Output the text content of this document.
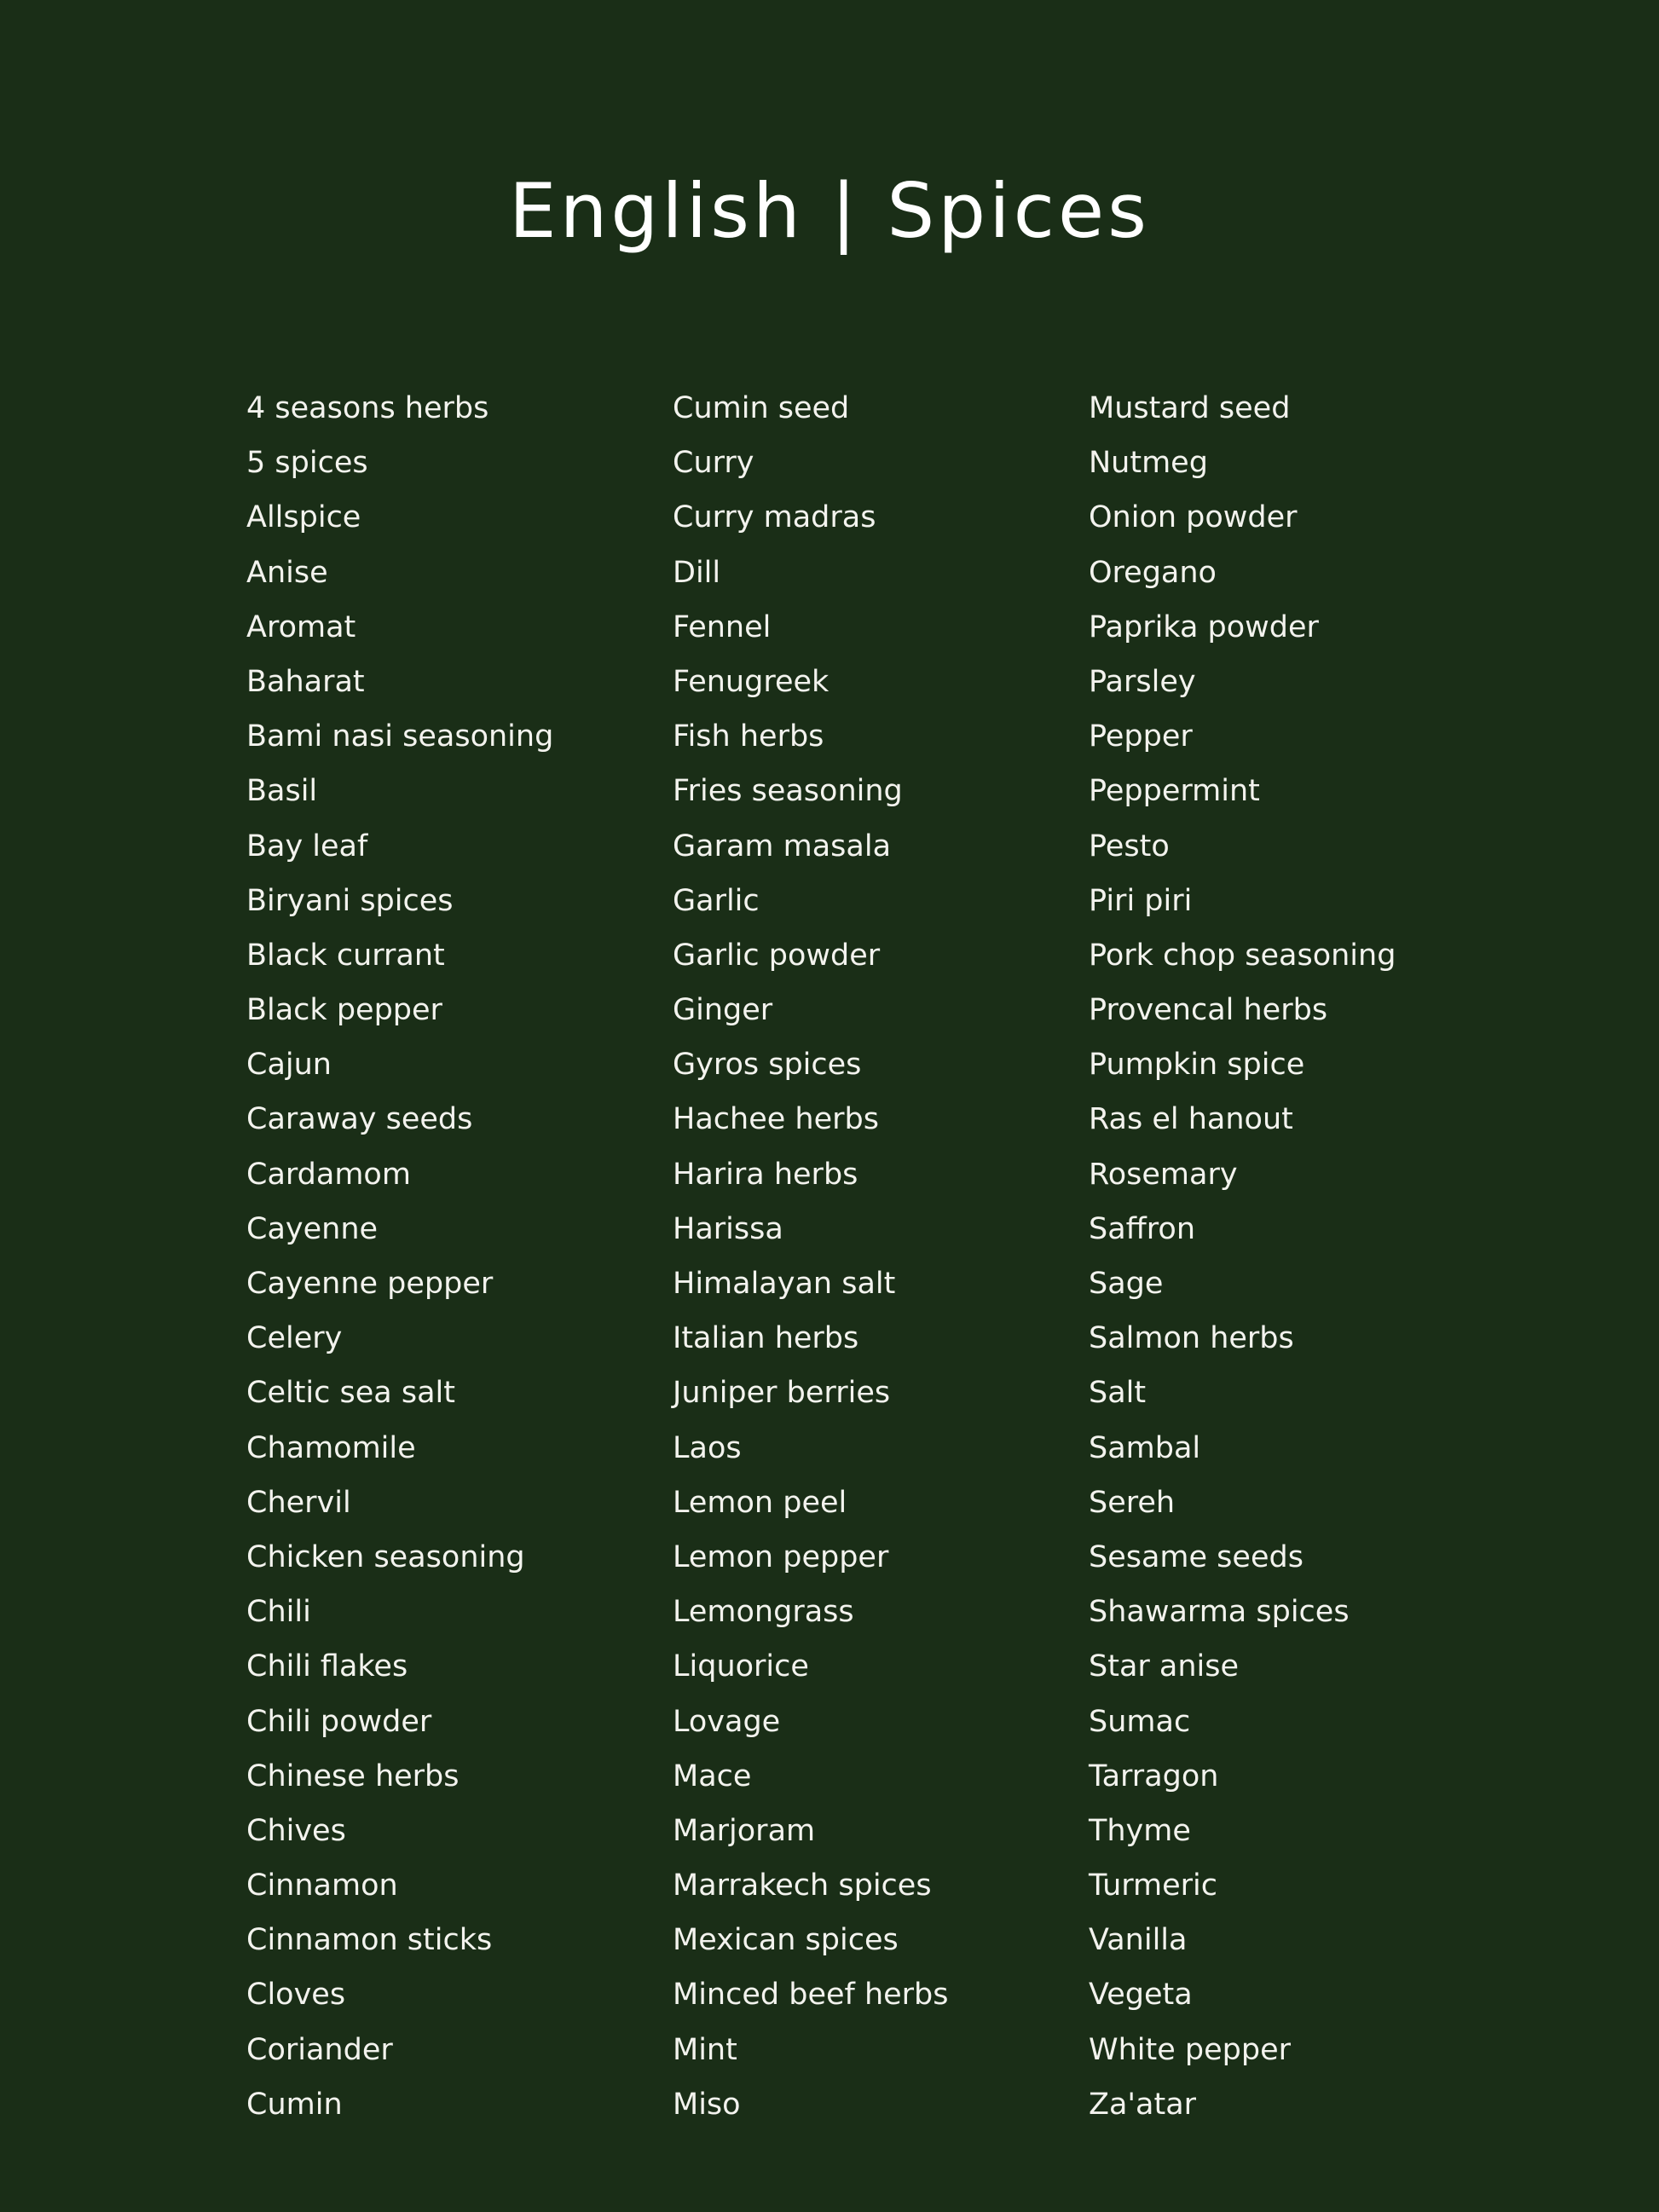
English | Spices
4 seasons herbs
5 spices
Allspice
Anise
Aromat
Baharat
Bami nasi seasoning
Basil
Bay leaf
Biryani spices
Black currant
Black pepper
Cajun
Caraway seeds
Cardamom
Cayenne
Cayenne pepper
Celery
Celtic sea salt
Chamomile
Chervil
Chicken seasoning
Chili
Chili flakes
Chili powder
Chinese herbs
Chives
Cinnamon
Cinnamon sticks
Cloves
Coriander
Cumin
Cumin seed
Curry
Curry madras
Dill
Fennel
Fenugreek
Fish herbs
Fries seasoning
Garam masala
Garlic
Garlic powder
Ginger
Gyros spices
Hachee herbs
Harira herbs
Harissa
Himalayan salt
Italian herbs
Juniper berries
Laos
Lemon peel
Lemon pepper
Lemongrass
Liquorice
Lovage
Mace
Marjoram
Marrakech spices
Mexican spices
Minced beef herbs
Mint
Miso
Mustard seed
Nutmeg
Onion powder
Oregano
Paprika powder
Parsley
Pepper
Peppermint
Pesto
Piri piri
Pork chop seasoning
Provencal herbs
Pumpkin spice
Ras el hanout
Rosemary
Saffron
Sage
Salmon herbs
Salt
Sambal
Sereh
Sesame seeds
Shawarma spices
Star anise
Sumac
Tarragon
Thyme
Turmeric
Vanilla
Vegeta
White pepper
Za'atar
